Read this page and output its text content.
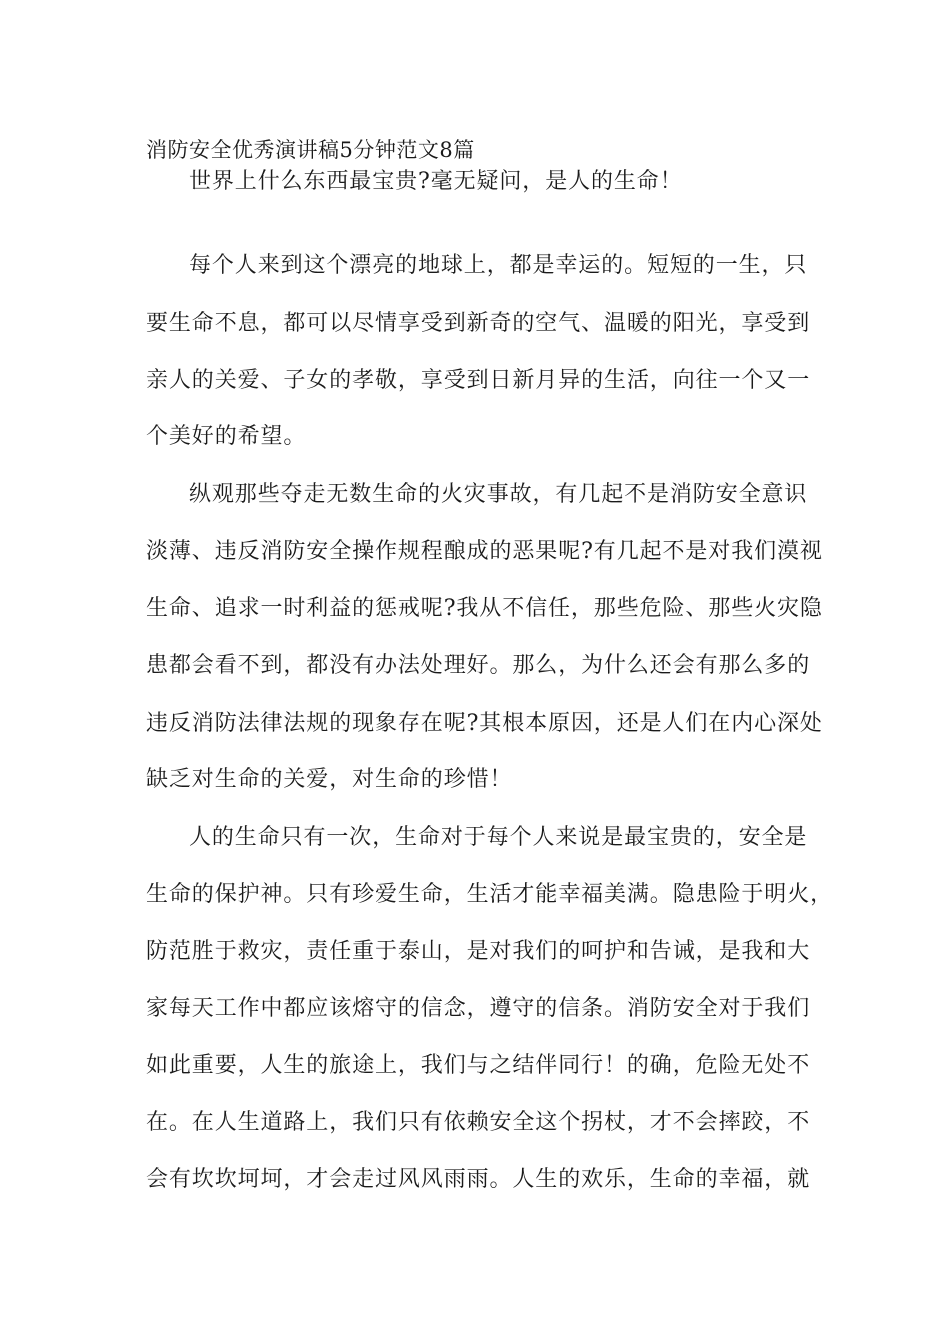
消防安全优秀演讲稿5分钟范文8篇
世界上什么东西最宝贵?毫无疑问，是人的生命！
每个人来到这个漂亮的地球上，都是幸运的。短短的一生，只
要生命不息，都可以尽情享受到新奇的空气、温暖的阳光，享受到
亲人的关爱、子女的孝敬，享受到日新月异的生活，向往一个又一
个美好的希望。
纵观那些夺走无数生命的火灾事故，有几起不是消防安全意识
淡薄、违反消防安全操作规程酿成的恶果呢?有几起不是对我们漠视
生命、追求一时利益的惩戒呢?我从不信任，那些危险、那些火灾隐
患都会看不到，都没有办法处理好。那么，为什么还会有那么多的
违反消防法律法规的现象存在呢?其根本原因，还是人们在内心深处
缺乏对生命的关爱，对生命的珍惜！
人的生命只有一次，生命对于每个人来说是最宝贵的，安全是
生命的保护神。只有珍爱生命，生活才能幸福美满。隐患险于明火，
防范胜于救灾，责任重于泰山，是对我们的呵护和告诫，是我和大
家每天工作中都应该熔守的信念，遵守的信条。消防安全对于我们
如此重要，人生的旅途上，我们与之结伴同行！的确，危险无处不
在。在人生道路上，我们只有依赖安全这个拐杖，才不会摔跤，不
会有坎坎坷坷，才会走过风风雨雨。人生的欢乐，生命的幸福，就
